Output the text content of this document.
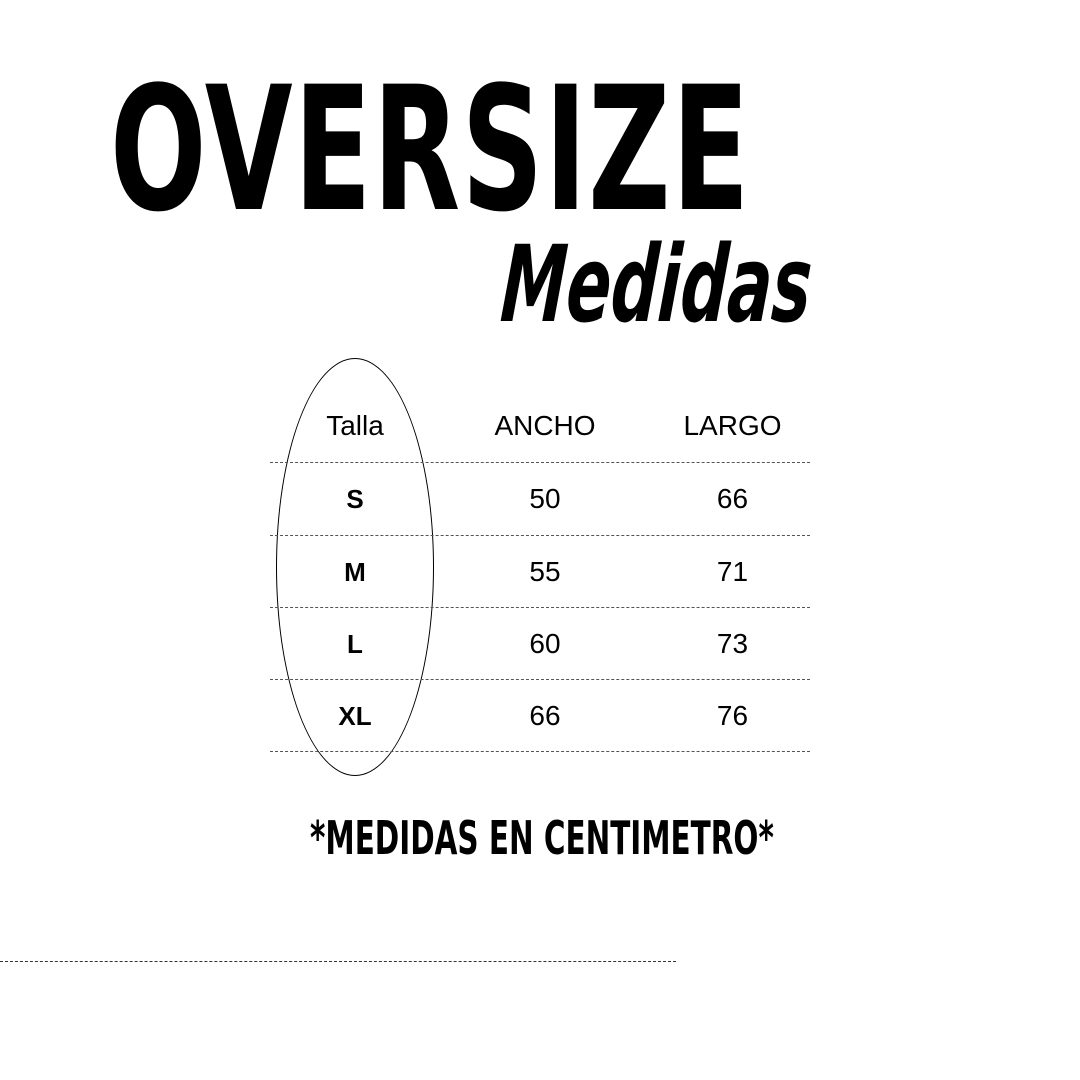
OVERSIZE
Medidas
Talla	ANCHO	LARGO
S	50	66
M	55	71
L	60	73
XL	66	76

*MEDIDAS EN CENTIMETRO*
